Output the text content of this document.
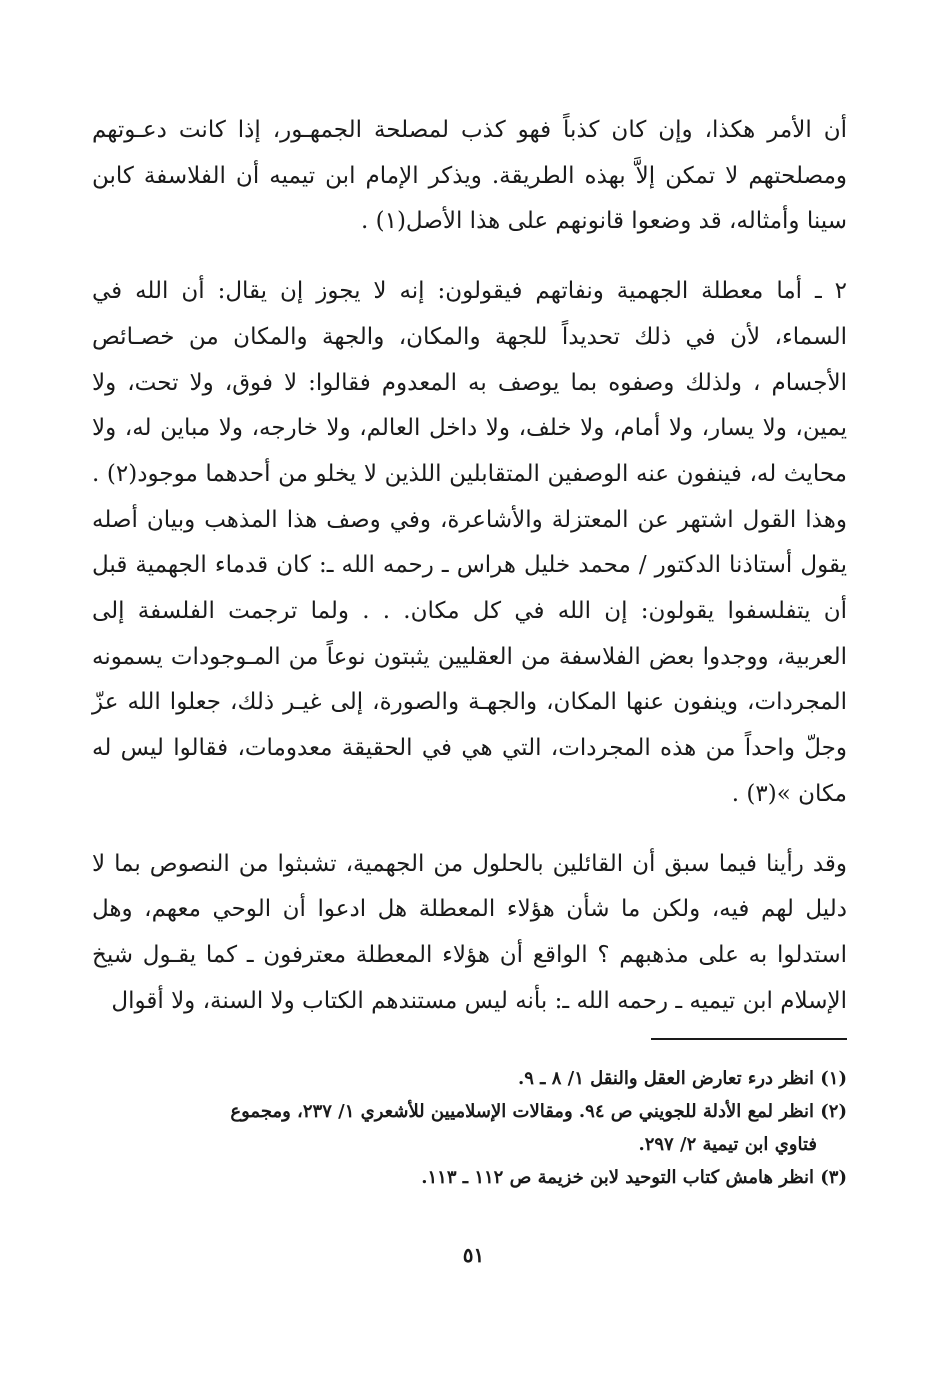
أن الأمر هكذا، وإن كان كذباً فهو كذب لمصلحة الجمهـور، إذا كانت دعـوتهم ومصلحتهم لا تمكن إلاَّ بهذه الطريقة. ويذكر الإمام ابن تيميه أن الفلاسفة كابن سينا وأمثاله، قد وضعوا قانونهم على هذا الأصل(١) .

٢ ـ أما معطلة الجهمية ونفاتهم فيقولون: إنه لا يجوز إن يقال: أن الله في السماء، لأن في ذلك تحديداً للجهة والمكان، والجهة والمكان من خصـائص الأجسام ، ولذلك وصفوه بما يوصف به المعدوم فقالوا: لا فوق، ولا تحت، ولا يمين، ولا يسار، ولا أمام، ولا خلف، ولا داخل العالم، ولا خارجه، ولا مباين له، ولا محايث له، فينفون عنه الوصفين المتقابلين اللذين لا يخلو من أحدهما موجود(٢) . وهذا القول اشتهر عن المعتزلة والأشاعرة، وفي وصف هذا المذهب وبيان أصله يقول أستاذنا الدكتور / محمد خليل هراس ـ رحمه الله ـ: كان قدماء الجهمية قبل أن يتفلسفوا يقولون: إن الله في كل مكان. . . ولما ترجمت الفلسفة إلى العربية، ووجدوا بعض الفلاسفة من العقليين يثبتون نوعاً من المـوجودات يسمونه المجردات، وينفون عنها المكان، والجهـة والصورة، إلى غيـر ذلك، جعلوا الله عزّ وجلّ واحداً من هذه المجردات، التي هي في الحقيقة معدومات، فقالوا ليس له مكان »(٣) .

وقد رأينا فيما سبق أن القائلين بالحلول من الجهمية، تشبثوا من النصوص بما لا دليل لهم فيه، ولكن ما شأن هؤلاء المعطلة هل ادعوا أن الوحي معهم، وهل استدلوا به على مذهبهم ؟ الواقع أن هؤلاء المعطلة معترفون ـ كما يقـول شيخ الإسلام ابن تيميه ـ رحمه الله ـ: بأنه ليس مستندهم الكتاب ولا السنة، ولا أقوال

(١) انظر درء تعارض العقل والنقل ١/ ٨ ـ ٩.

(٢) انظر لمع الأدلة للجويني ص ٩٤. ومقالات الإسلاميين للأشعري ١/ ٢٣٧، ومجموع

فتاوي ابن تيمية ٢/ ٢٩٧.

(٣) انظر هامش كتاب التوحيد لابن خزيمة ص ١١٢ ـ ١١٣.

٥١
